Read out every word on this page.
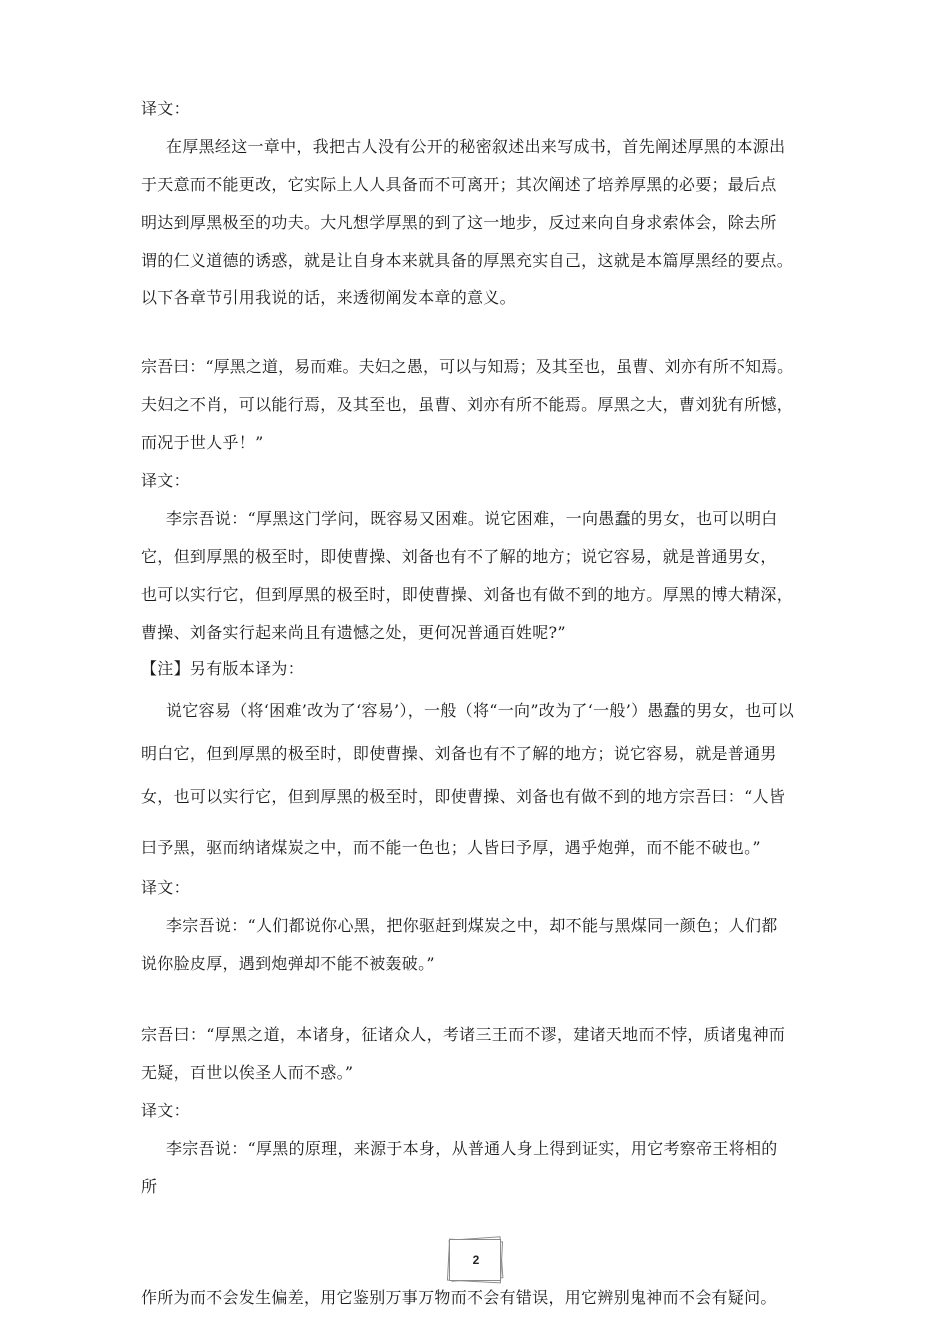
译文：
在厚黑经这一章中，我把古人没有公开的秘密叙述出来写成书，首先阐述厚黑的本源出
于天意而不能更改，它实际上人人具备而不可离开；其次阐述了培养厚黑的必要；最后点
明达到厚黑极至的功夫。大凡想学厚黑的到了这一地步，反过来向自身求索体会，除去所
谓的仁义道德的诱惑，就是让自身本来就具备的厚黑充实自己，这就是本篇厚黑经的要点。
以下各章节引用我说的话，来透彻阐发本章的意义。
宗吾曰：“厚黑之道，易而难。夫妇之愚，可以与知焉；及其至也，虽曹、刘亦有所不知焉。
夫妇之不肖，可以能行焉，及其至也，虽曹、刘亦有所不能焉。厚黑之大，曹刘犹有所憾，
而况于世人乎！”
译文：
李宗吾说：“厚黑这门学问，既容易又困难。说它困难，一向愚蠢的男女，也可以明白
它，但到厚黑的极至时，即使曹操、刘备也有不了解的地方；说它容易，就是普通男女，
也可以实行它，但到厚黑的极至时，即使曹操、刘备也有做不到的地方。厚黑的博大精深，
曹操、刘备实行起来尚且有遗憾之处，更何况普通百姓呢?”
【注】另有版本译为：
说它容易（将‘困难’改为了‘容易’），一般（将“一向”改为了‘一般’）愚蠢的男女，也可以
明白它，但到厚黑的极至时，即使曹操、刘备也有不了解的地方；说它容易，就是普通男
女，也可以实行它，但到厚黑的极至时，即使曹操、刘备也有做不到的地方宗吾曰：“人皆
曰予黑，驱而纳诸煤炭之中，而不能一色也；人皆曰予厚，遇乎炮弹，而不能不破也。”
译文：
李宗吾说：“人们都说你心黑，把你驱赶到煤炭之中，却不能与黑煤同一颜色；人们都
说你脸皮厚，遇到炮弹却不能不被轰破。”
宗吾曰：“厚黑之道，本诸身，征诸众人，考诸三王而不谬，建诸天地而不悖，质诸鬼神而
无疑，百世以俟圣人而不惑。”
译文：
李宗吾说：“厚黑的原理，来源于本身，从普通人身上得到证实，用它考察帝王将相的
所
2
作所为而不会发生偏差，用它鉴别万事万物而不会有错误，用它辨别鬼神而不会有疑问。
